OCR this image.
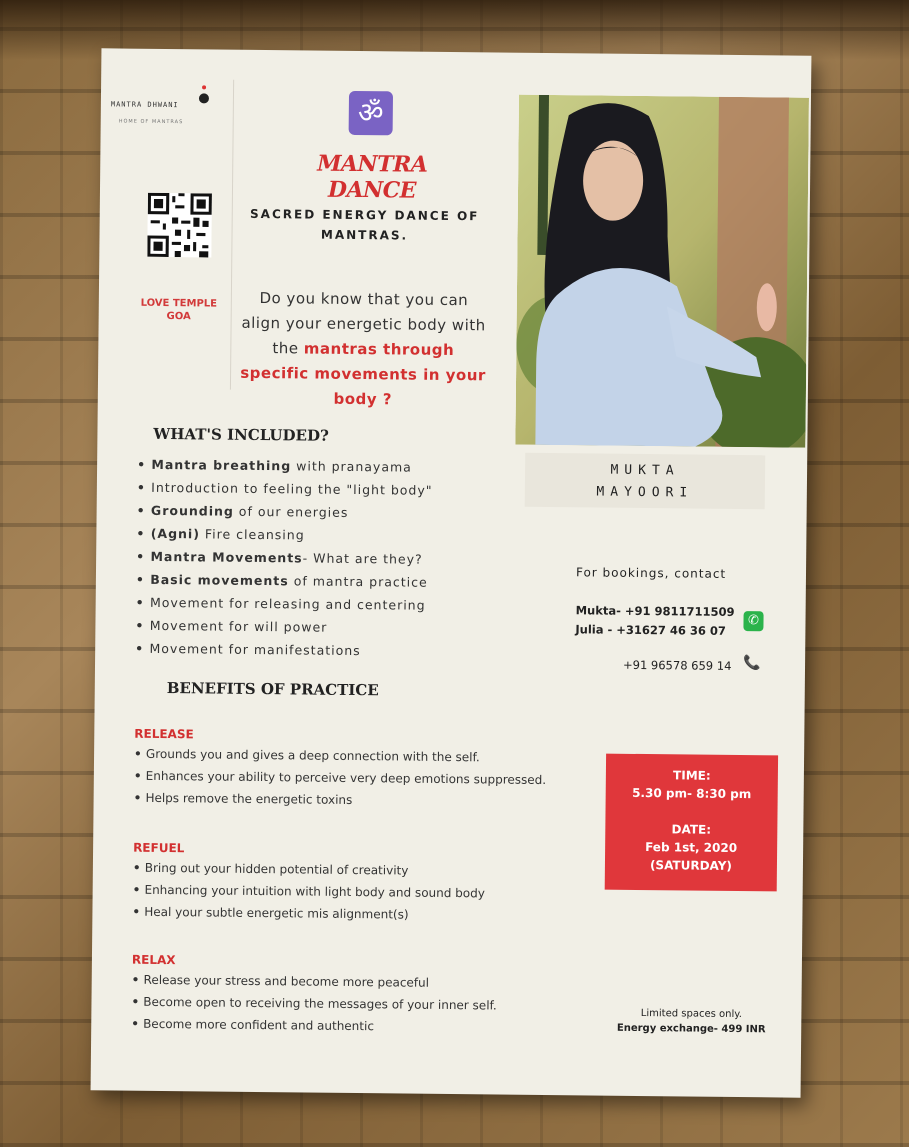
MANTRA DHWANI
HOME OF MANTRAS
LOVE TEMPLE
GOA
ॐ
MANTRA DANCE
SACRED ENERGY DANCE OF
MANTRAS.
Do you know that you can align your energetic body with the mantras through specific movements in your body ?
MUKTA
MAYOORI
WHAT'S INCLUDED?
• Mantra breathing with pranayama
• Introduction to feeling the "light body"
• Grounding of our energies
• (Agni) Fire cleansing
• Mantra Movements- What are they?
• Basic movements of mantra practice
• Movement for releasing and centering
• Movement for will power
• Movement for manifestations
For bookings, contact
Mukta- +91 9811711509
Julia - +31627 46 36 07
✆
+91 96578 659 14 📞
BENEFITS OF PRACTICE
RELEASE
• Grounds you and gives a deep connection with the self.
• Enhances your ability to perceive very deep emotions suppressed.
• Helps remove the energetic toxins
REFUEL
• Bring out your hidden potential of creativity
• Enhancing your intuition with light body and sound body
• Heal your subtle energetic mis alignment(s)
RELAX
• Release your stress and become more peaceful
• Become open to receiving the messages of your inner self.
• Become more confident and authentic
TIME:
5.30 pm- 8:30 pm
DATE:
Feb 1st, 2020
(SATURDAY)
Limited spaces only.
Energy exchange- 499 INR
